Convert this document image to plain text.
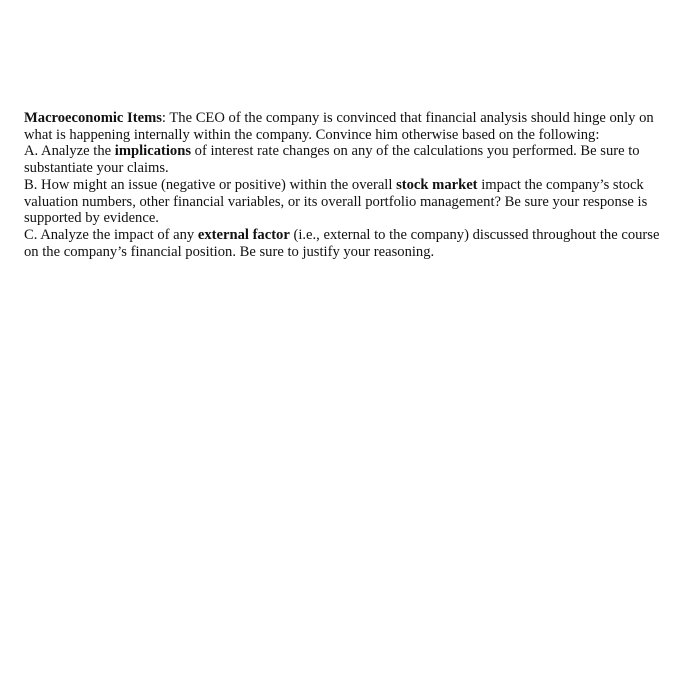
Macroeconomic Items: The CEO of the company is convinced that financial analysis should hinge only on
what is happening internally within the company. Convince him otherwise based on the following:
A. Analyze the implications of interest rate changes on any of the calculations you performed. Be sure to
substantiate your claims.
B. How might an issue (negative or positive) within the overall stock market impact the company’s stock
valuation numbers, other financial variables, or its overall portfolio management? Be sure your response is
supported by evidence.
C. Analyze the impact of any external factor (i.e., external to the company) discussed throughout the course
on the company’s financial position. Be sure to justify your reasoning.
